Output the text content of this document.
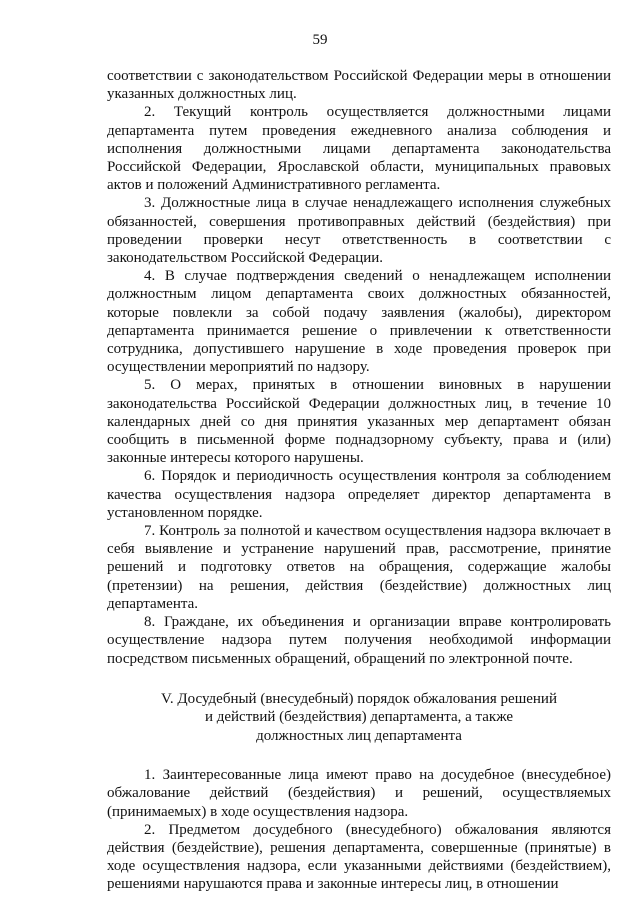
59

соответствии с законодательством Российской Федерации меры в отношении указанных должностных лиц.

2. Текущий контроль осуществляется должностными лицами департамента путем проведения ежедневного анализа соблюдения и исполнения должностными лицами департамента законодательства Российской Федерации, Ярославской области, муниципальных правовых актов и положений Административного регламента.

3. Должностные лица в случае ненадлежащего исполнения служебных обязанностей, совершения противоправных действий (бездействия) при проведении проверки несут ответственность в соответствии с законодательством Российской Федерации.

4. В случае подтверждения сведений о ненадлежащем исполнении должностным лицом департамента своих должностных обязанностей, которые повлекли за собой подачу заявления (жалобы), директором департамента принимается решение о привлечении к ответственности сотрудника, допустившего нарушение в ходе проведения проверок при осуществлении мероприятий по надзору.

5. О мерах, принятых в отношении виновных в нарушении законодательства Российской Федерации должностных лиц, в течение 10 календарных дней со дня принятия указанных мер департамент обязан сообщить в письменной форме поднадзорному субъекту, права и (или) законные интересы которого нарушены.

6. Порядок и периодичность осуществления контроля за соблюдением качества осуществления надзора определяет директор департамента в установленном порядке.

7. Контроль за полнотой и качеством осуществления надзора включает в себя выявление и устранение нарушений прав, рассмотрение, принятие решений и подготовку ответов на обращения, содержащие жалобы (претензии) на решения, действия (бездействие) должностных лиц департамента.

8. Граждане, их объединения и организации вправе контролировать осуществление надзора путем получения необходимой информации посредством письменных обращений, обращений по электронной почте.

V. Досудебный (внесудебный) порядок обжалования решений
и действий (бездействия) департамента, а также
должностных лиц департамента

1. Заинтересованные лица имеют право на досудебное (внесудебное) обжалование действий (бездействия) и решений, осуществляемых (принимаемых) в ходе осуществления надзора.

2. Предметом досудебного (внесудебного) обжалования являются действия (бездействие), решения департамента, совершенные (принятые) в ходе осуществления надзора, если указанными действиями (бездействием), решениями нарушаются права и законные интересы лиц, в отношении
